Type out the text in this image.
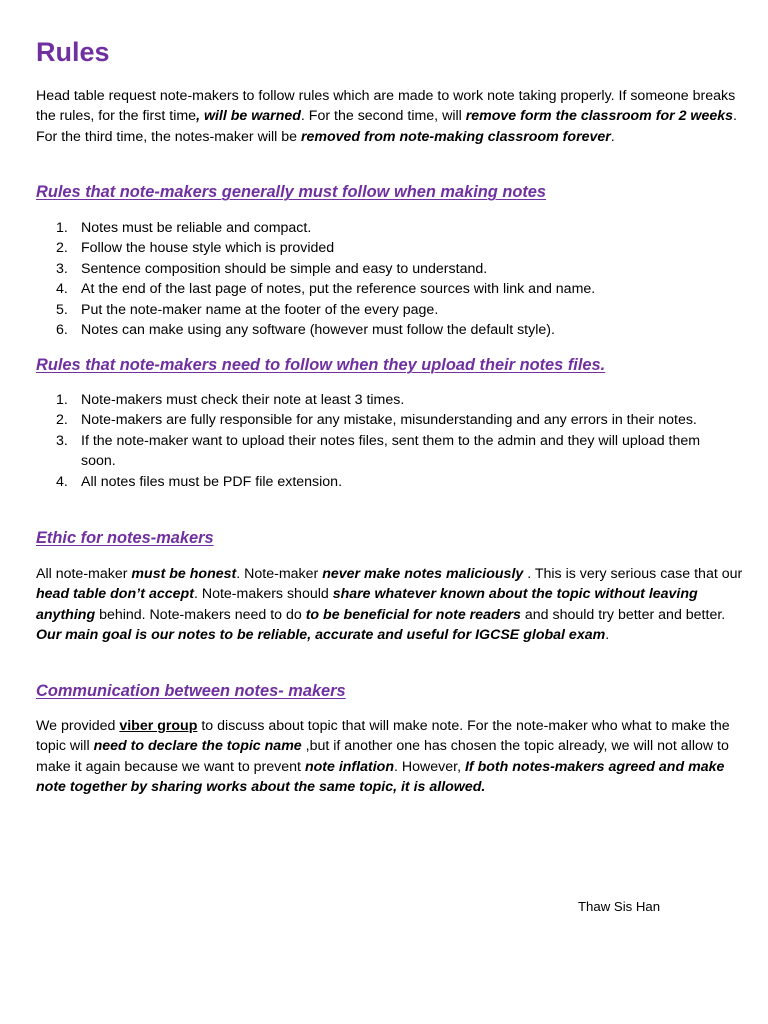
Rules

Head table request note-makers to follow rules which are made to work note taking properly. If someone breaks the rules, for the first time, will be warned. For the second time, will remove form the classroom for 2 weeks. For the third time, the notes-maker will be removed from note-making classroom forever.

Rules that note-makers generally must follow when making notes
1. Notes must be reliable and compact.
2. Follow the house style which is provided
3. Sentence composition should be simple and easy to understand.
4. At the end of the last page of notes, put the reference sources with link and name.
5. Put the note-maker name at the footer of the every page.
6. Notes can make using any software (however must follow the default style).
Rules that note-makers need to follow when they upload their notes files.
1. Note-makers must check their note at least 3 times.
2. Note-makers are fully responsible for any mistake, misunderstanding and any errors in their notes.
3. If the note-maker want to upload their notes files, sent them to the admin and they will upload them soon.
4. All notes files must be PDF file extension.
Ethic for notes-makers

All note-maker must be honest. Note-maker never make notes maliciously . This is very serious case that our head table don’t accept. Note-makers should share whatever known about the topic without leaving anything behind. Note-makers need to do to be beneficial for note readers and should try better and better. Our main goal is our notes to be reliable, accurate and useful for IGCSE global exam.

Communication between notes- makers

We provided viber group to discuss about topic that will make note. For the note-maker who what to make the topic will need to declare the topic name ,but if another one has chosen the topic already, we will not allow to make it again because we want to prevent note inflation. However, If both notes-makers agreed and make note together by sharing works about the same topic, it is allowed.

Thaw Sis Han
